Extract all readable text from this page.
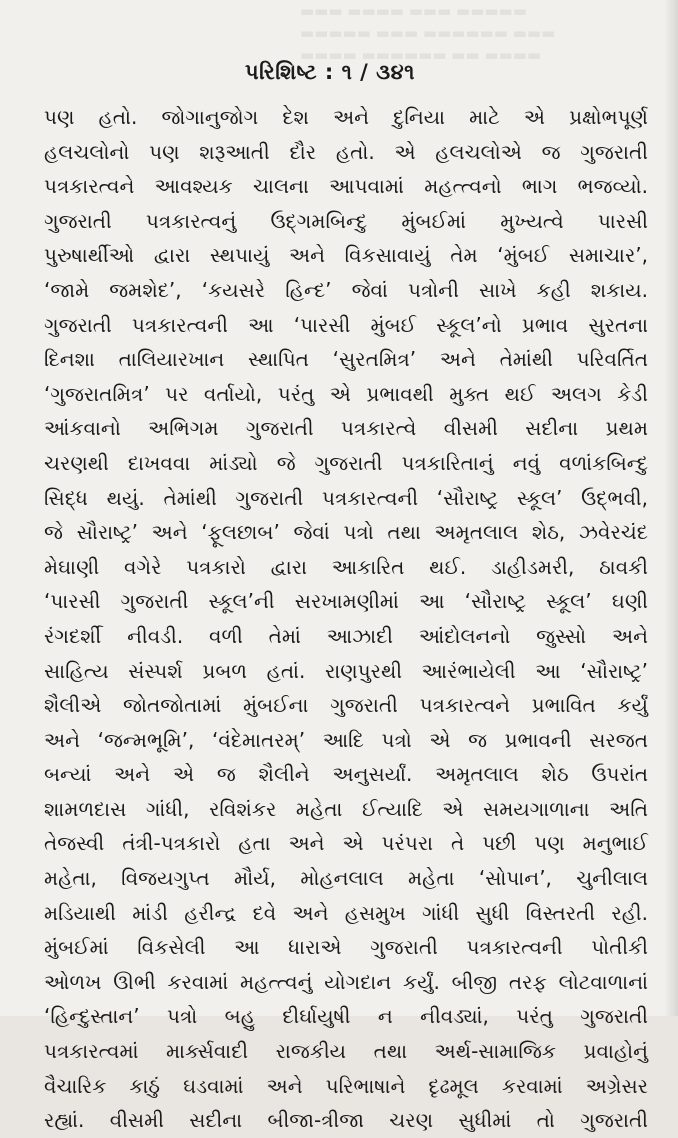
▬▬▬ ▬▬▬▬ ▬▬▬ ▬▬▬▬▬
▬▬▬▬▬ ▬▬▬ ▬▬▬▬▬▬ ▬▬▬
▬▬▬▬ ▬▬▬▬▬▬ ▬▬ ▬▬▬▬
પરિશિષ્ટ : ૧ / ૩૪૧
પણ હતો. જોગાનુજોગ દેશ અને દુનિયા માટે એ પ્રક્ષોભપૂર્ણ
હલચલોનો પણ શરૂઆતી દૌર હતો. એ હલચલોએ જ ગુજરાતી
પત્રકારત્વને આવશ્યક ચાલના આપવામાં મહત્ત્વનો ભાગ ભજવ્યો.
ગુજરાતી પત્રકારત્વનું ઉદ્ગમબિન્દુ મુંબઈમાં મુખ્યત્વે પારસી
પુરુષાર્થીઓ દ્વારા સ્થપાયું અને વિકસાવાયું તેમ ‘મુંબઈ સમાચાર’,
‘જામે જમશેદ’, ‘કયસરે હિન્દ’ જેવાં પત્રોની સાખે કહી શકાય.
ગુજરાતી પત્રકારત્વની આ ‘પારસી મુંબઈ સ્કૂલ’નો પ્રભાવ સુરતના
દિનશા તાલિયારખાન સ્થાપિત ‘સુરતમિત્ર’ અને તેમાંથી પરિવર્તિત
‘ગુજરાતમિત્ર’ પર વર્તાયો, પરંતુ એ પ્રભાવથી મુક્ત થઈ અલગ કેડી
આંકવાનો અભિગમ ગુજરાતી પત્રકારત્વે વીસમી સદીના પ્રથમ
ચરણથી દાખવવા માંડ્યો જે ગુજરાતી પત્રકારિતાનું નવું વળાંકબિન્દુ
સિદ્ધ થયું. તેમાંથી ગુજરાતી પત્રકારત્વની ‘સૌરાષ્ટ્ર સ્કૂલ’ ઉદ્ભવી,
જે સૌરાષ્ટ્ર’ અને ‘ફૂલછાબ’ જેવાં પત્રો તથા અમૃતલાલ શેઠ, ઝવેરચંદ
મેઘાણી વગેરે પત્રકારો દ્વારા આકારિત થઈ. ડાહીડમરી, ઠાવકી
‘પારસી ગુજરાતી સ્કૂલ’ની સરખામણીમાં આ ‘સૌરાષ્ટ્ર સ્કૂલ’ ઘણી
રંગદર્શી નીવડી. વળી તેમાં આઝાદી આંદોલનનો જુસ્સો અને
સાહિત્ય સંસ્પર્શ પ્રબળ હતાં. રાણપુરથી આરંભાયેલી આ ‘સૌરાષ્ટ્ર’
શૈલીએ જોતજોતામાં મુંબઈના ગુજરાતી પત્રકારત્વને પ્રભાવિત કર્યું
અને ‘જન્મભૂમિ’, ‘વંદેમાતરમ્’ આદિ પત્રો એ જ પ્રભાવની સરજત
બન્યાં અને એ જ શૈલીને અનુસર્યાં. અમૃતલાલ શેઠ ઉપરાંત
શામળદાસ ગાંધી, રવિશંકર મહેતા ઈત્યાદિ એ સમયગાળાના અતિ
તેજસ્વી તંત્રી-પત્રકારો હતા અને એ પરંપરા તે પછી પણ મનુભાઈ
મહેતા, વિજયગુપ્ત મૌર્ય, મોહનલાલ મહેતા ‘સોપાન’, ચુનીલાલ
મડિયાથી માંડી હરીન્દ્ર દવે અને હસમુખ ગાંધી સુધી વિસ્તરતી રહી.
મુંબઈમાં વિકસેલી આ ધારાએ ગુજરાતી પત્રકારત્વની પોતીકી
ઓળખ ઊભી કરવામાં મહત્ત્વનું યોગદાન કર્યું. બીજી તરફ લોટવાળાનાં
‘હિન્દુસ્તાન’ પત્રો બહુ દીર્ઘાયુષી ન નીવડ્યાં, પરંતુ ગુજરાતી
પત્રકારત્વમાં માર્ક્સવાદી રાજકીય તથા અર્થ-સામાજિક પ્રવાહોનું
વૈચારિક કાઠું ઘડવામાં અને પરિભાષાને દૃઢમૂલ કરવામાં અગ્રેસર
રહ્યાં. વીસમી સદીના બીજા-ત્રીજા ચરણ સુધીમાં તો ગુજરાતી
